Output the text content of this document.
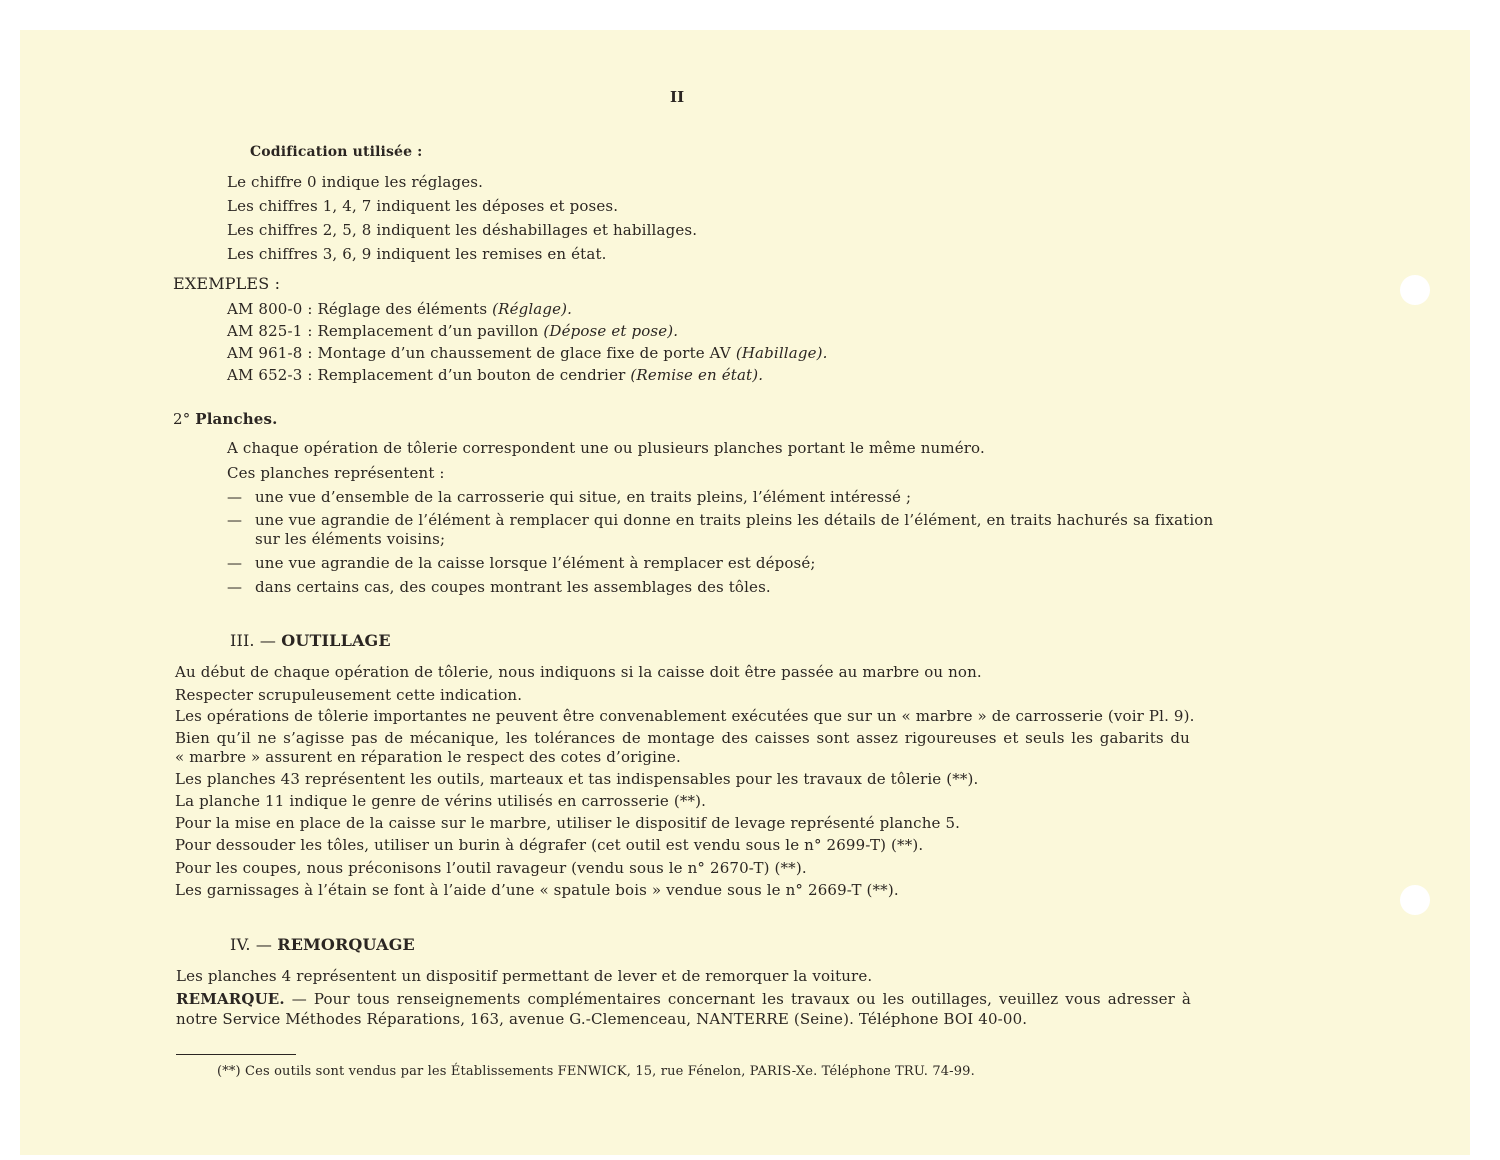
II
Codification utilisée :
Le chiffre 0 indique les réglages.
Les chiffres 1, 4, 7 indiquent les déposes et poses.
Les chiffres 2, 5, 8 indiquent les déshabillages et habillages.
Les chiffres 3, 6, 9 indiquent les remises en état.
EXEMPLES :
AM 800-0 : Réglage des éléments (Réglage).
AM 825-1 : Remplacement d’un pavillon (Dépose et pose).
AM 961-8 : Montage d’un chaussement de glace fixe de porte AV (Habillage).
AM 652-3 : Remplacement d’un bouton de cendrier (Remise en état).
2° Planches.
A chaque opération de tôlerie correspondent une ou plusieurs planches portant le même numéro.
Ces planches représentent :
— une vue d’ensemble de la carrosserie qui situe, en traits pleins, l’élément intéressé ;
— une vue agrandie de l’élément à remplacer qui donne en traits pleins les détails de l’élément, en traits hachurés sa fixation
sur les éléments voisins;
— une vue agrandie de la caisse lorsque l’élément à remplacer est déposé;
— dans certains cas, des coupes montrant les assemblages des tôles.
III. — OUTILLAGE
Au début de chaque opération de tôlerie, nous indiquons si la caisse doit être passée au marbre ou non.
Respecter scrupuleusement cette indication.
Les opérations de tôlerie importantes ne peuvent être convenablement exécutées que sur un « marbre » de carrosserie (voir Pl. 9).
Bien qu’il ne s’agisse pas de mécanique, les tolérances de montage des caisses sont assez rigoureuses et seuls les gabarits du
« marbre » assurent en réparation le respect des cotes d’origine.
Les planches 43 représentent les outils, marteaux et tas indispensables pour les travaux de tôlerie (**).
La planche 11 indique le genre de vérins utilisés en carrosserie (**).
Pour la mise en place de la caisse sur le marbre, utiliser le dispositif de levage représenté planche 5.
Pour dessouder les tôles, utiliser un burin à dégrafer (cet outil est vendu sous le n° 2699-T) (**).
Pour les coupes, nous préconisons l’outil ravageur (vendu sous le n° 2670-T) (**).
Les garnissages à l’étain se font à l’aide d’une « spatule bois » vendue sous le n° 2669-T (**).
IV. — REMORQUAGE
Les planches 4 représentent un dispositif permettant de lever et de remorquer la voiture.
REMARQUE. — Pour tous renseignements complémentaires concernant les travaux ou les outillages, veuillez vous adresser à
notre Service Méthodes Réparations, 163, avenue G.-Clemenceau, NANTERRE (Seine). Téléphone BOI 40-00.
(**) Ces outils sont vendus par les Établissements FENWICK, 15, rue Fénelon, PARIS-Xe. Téléphone TRU. 74-99.
